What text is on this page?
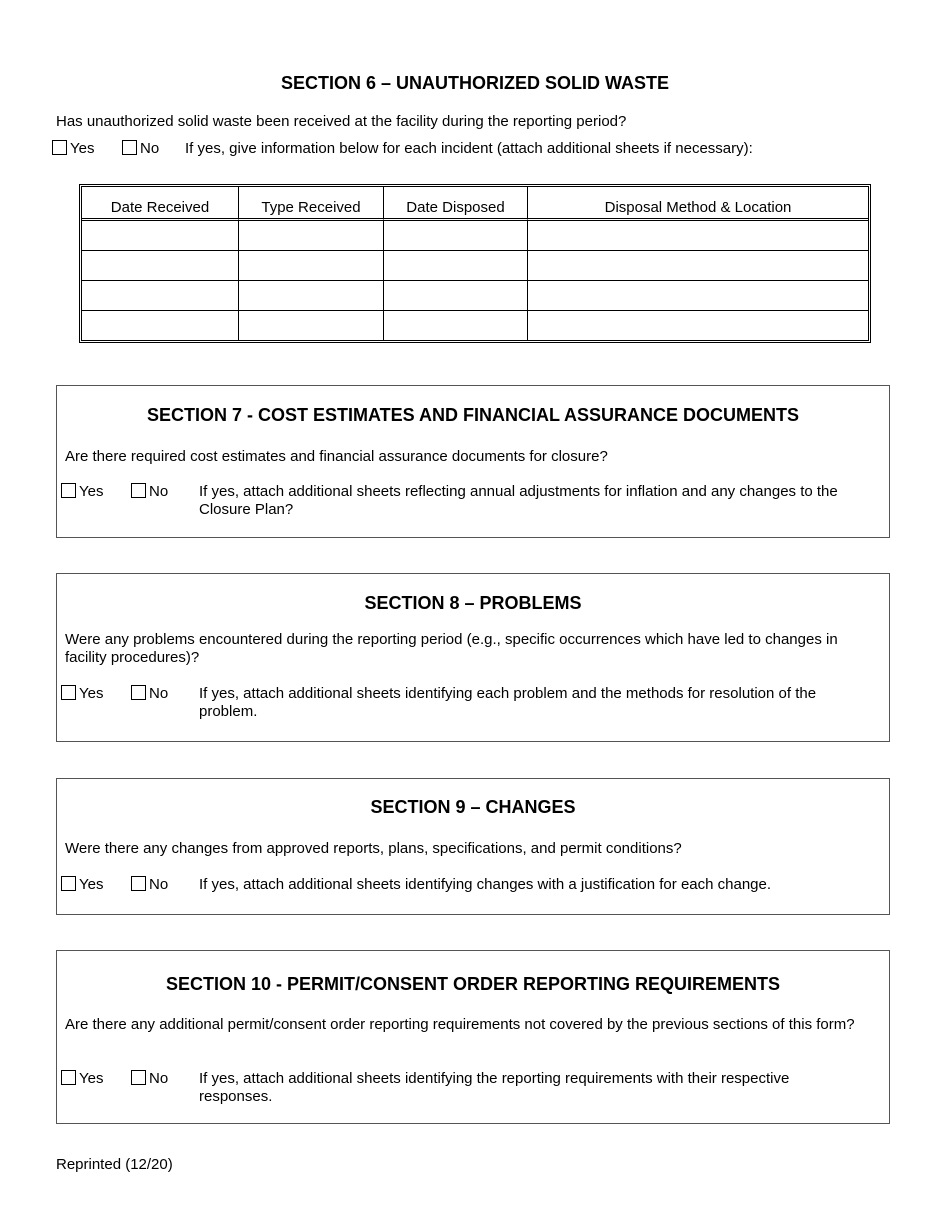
SECTION 6 – UNAUTHORIZED SOLID WASTE
Has unauthorized solid waste been received at the facility during the reporting period?
Yes	No If yes, give information below for each incident (attach additional sheets if necessary):
Date Received	Type Received	Date Disposed	Disposal Method & Location

SECTION 7 - COST ESTIMATES AND FINANCIAL ASSURANCE DOCUMENTS
Are there required cost estimates and financial assurance documents for closure?
Yes	No If yes, attach additional sheets reflecting annual adjustments for inflation and any changes to the Closure Plan?
SECTION 8 – PROBLEMS
Were any problems encountered during the reporting period (e.g., specific occurrences which have led to changes in facility procedures)?
Yes	No If yes, attach additional sheets identifying each problem and the methods for resolution of the problem.
SECTION 9 – CHANGES
Were there any changes from approved reports, plans, specifications, and permit conditions?
Yes	No If yes, attach additional sheets identifying changes with a justification for each change.
SECTION 10 - PERMIT/CONSENT ORDER REPORTING REQUIREMENTS
Are there any additional permit/consent order reporting requirements not covered by the previous sections of this form?
Yes	No If yes, attach additional sheets identifying the reporting requirements with their respective responses.
Reprinted (12/20)
